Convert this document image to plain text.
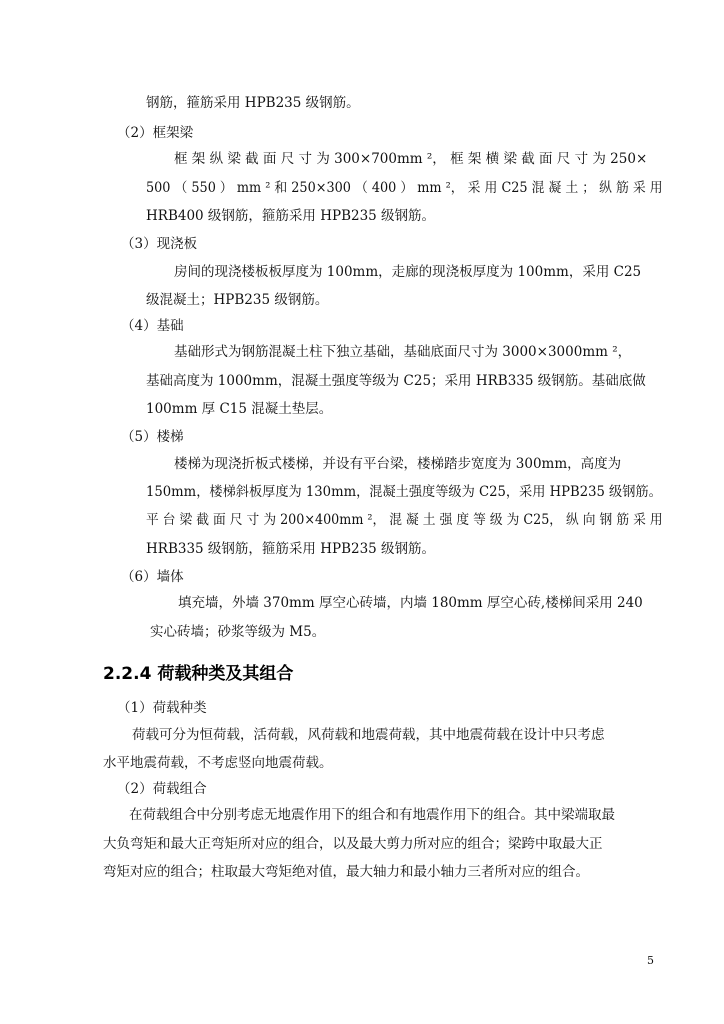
钢筋，箍筋采用 HPB235 级钢筋。
（2）框架梁
框 架 纵 梁 截 面 尺 寸 为 300×700mm ²， 框 架 横 梁 截 面 尺 寸 为 250×
500 （ 550 ） mm ² 和 250×300 （ 400 ） mm ²， 采 用 C25 混 凝 土 ； 纵 筋 采 用
HRB400 级钢筋，箍筋采用 HPB235 级钢筋。
（3）现浇板
房间的现浇楼板板厚度为 100mm，走廊的现浇板厚度为 100mm，采用 C25
级混凝土；HPB235 级钢筋。
（4）基础
基础形式为钢筋混凝土柱下独立基础，基础底面尺寸为 3000×3000mm ²，
基础高度为 1000mm，混凝土强度等级为 C25；采用 HRB335 级钢筋。基础底做
100mm 厚 C15 混凝土垫层。
（5）楼梯
楼梯为现浇折板式楼梯，并设有平台梁，楼梯踏步宽度为 300mm，高度为
150mm，楼梯斜板厚度为 130mm，混凝土强度等级为 C25，采用 HPB235 级钢筋。
平 台 梁 截 面 尺 寸 为 200×400mm ²， 混 凝 土 强 度 等 级 为 C25， 纵 向 钢 筋 采 用
HRB335 级钢筋，箍筋采用 HPB235 级钢筋。
（6）墙体
填充墙，外墙 370mm 厚空心砖墙，内墙 180mm 厚空心砖,楼梯间采用 240
实心砖墙；砂浆等级为 M5。
2.2.4 荷载种类及其组合
（1）荷载种类
荷载可分为恒荷载，活荷载，风荷载和地震荷载，其中地震荷载在设计中只考虑
水平地震荷载，不考虑竖向地震荷载。
（2）荷载组合
在荷载组合中分别考虑无地震作用下的组合和有地震作用下的组合。其中梁端取最
大负弯矩和最大正弯矩所对应的组合，以及最大剪力所对应的组合；梁跨中取最大正
弯矩对应的组合；柱取最大弯矩绝对值，最大轴力和最小轴力三者所对应的组合。
5
